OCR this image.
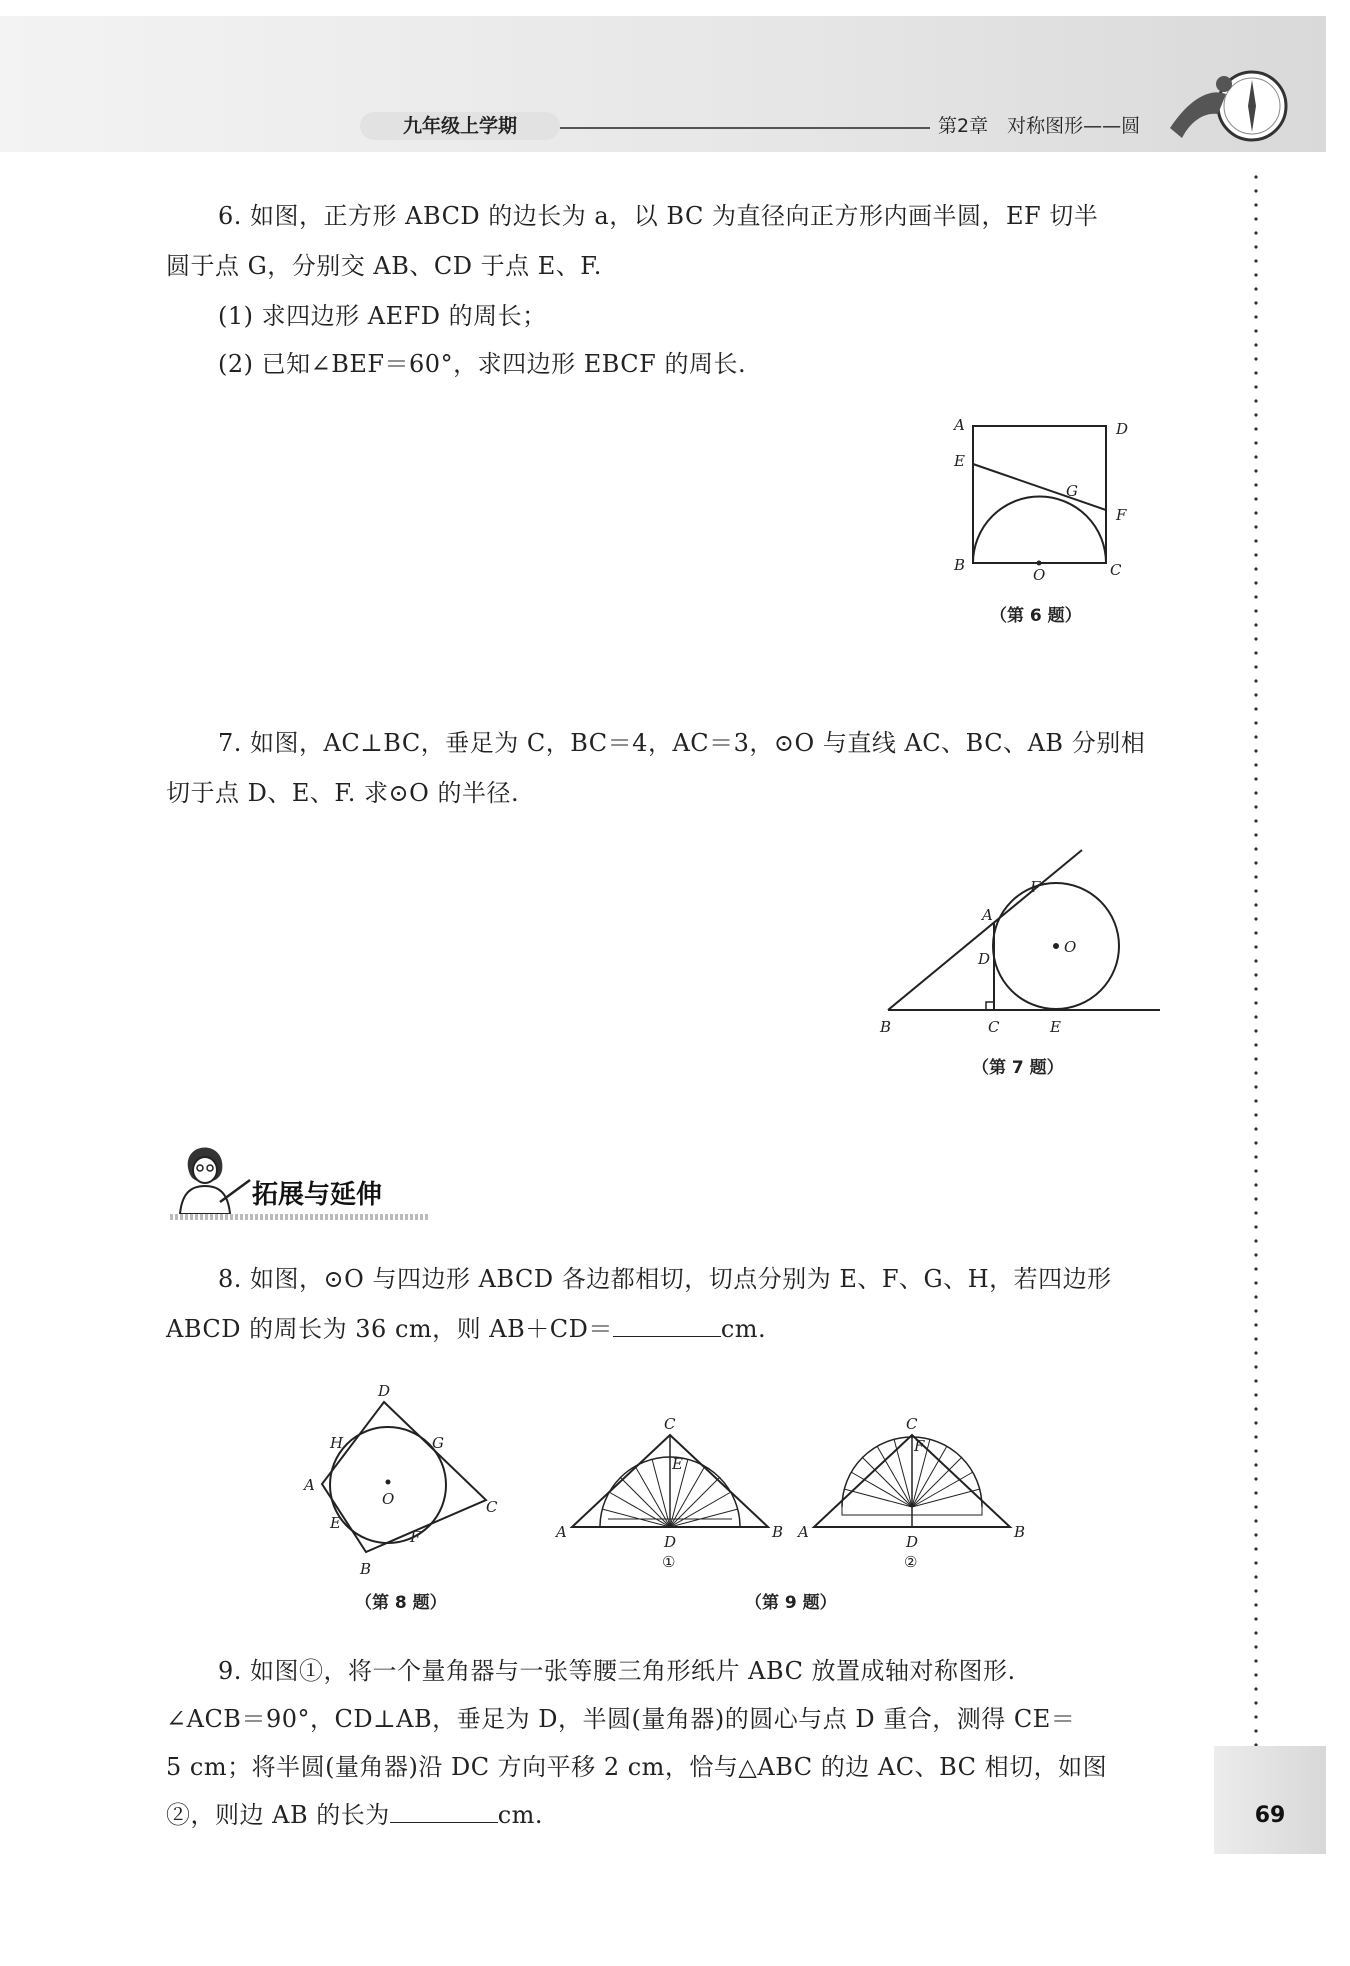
九年级上学期	第2章　对称图形——圆
69
6. 如图，正方形 ABCD 的边长为 a，以 BC 为直径向正方形内画半圆，EF 切半
圆于点 G，分别交 AB、CD 于点 E、F.
(1) 求四边形 AEFD 的周长；
(2) 已知∠BEF＝60°，求四边形 EBCF 的周长.
A	D
E
G
F
B
O	C
（第 6 题）
7. 如图，AC⊥BC，垂足为 C，BC＝4，AC＝3，⊙O 与直线 AC、BC、AB 分别相
切于点 D、E、F. 求⊙O 的半径.
F
A
D
O
B	C	E
（第 7 题）
拓展与延伸
8. 如图，⊙O 与四边形 ABCD 各边都相切，切点分别为 E、F、G、H，若四边形
ABCD 的周长为 36 cm，则 AB＋CD＝	cm.
D
H	G
A
O	C
E
F
B
（第 8 题）
C
E
A	B
D
①
C
F
A	B
D
②
（第 9 题）
9. 如图①，将一个量角器与一张等腰三角形纸片 ABC 放置成轴对称图形.
∠ACB＝90°，CD⊥AB，垂足为 D，半圆(量角器)的圆心与点 D 重合，测得 CE＝
5 cm；将半圆(量角器)沿 DC 方向平移 2 cm，恰与△ABC 的边 AC、BC 相切，如图
②，则边 AB 的长为	cm.
